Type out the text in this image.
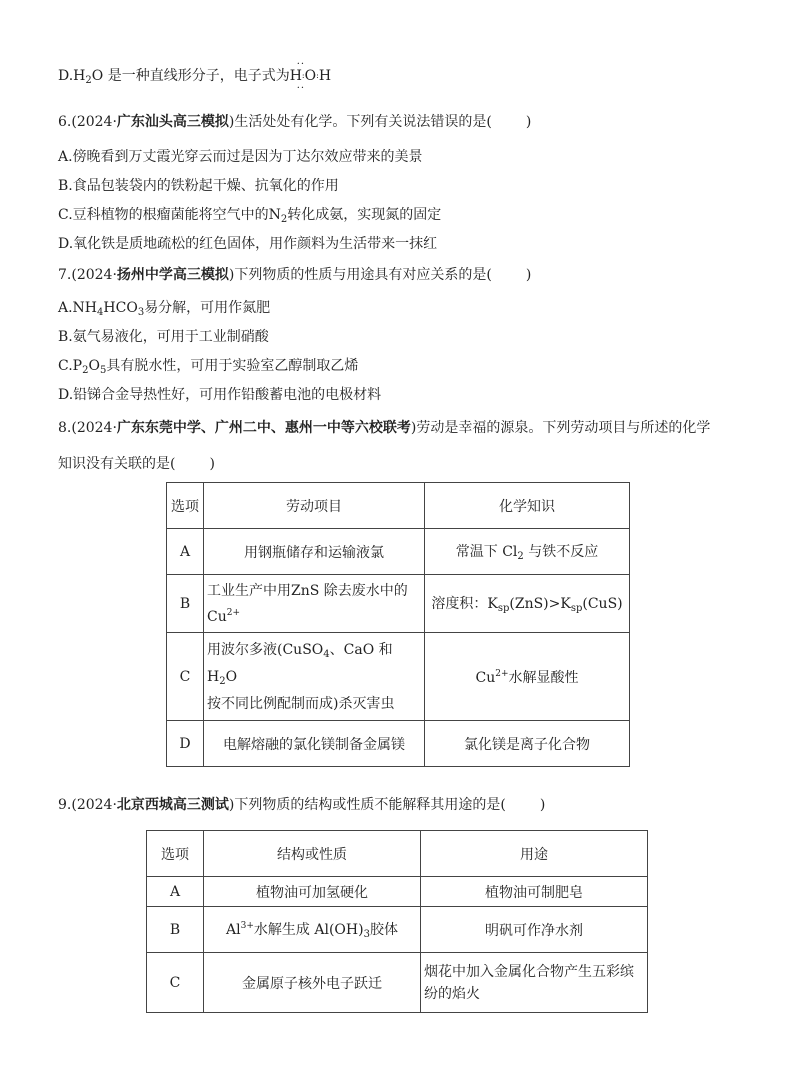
$D.H_2O$ 是一种直线形分子，电子式为H:O:H
··
··
6.(2024·广东汕头高三模拟)生活处处有化学。下列有关说法错误的是( )
A.傍晚看到万丈霞光穿云而过是因为丁达尔效应带来的美景
B.食品包装袋内的铁粉起干燥、抗氧化的作用
C.豆科植物的根瘤菌能将空气中的$N_2$转化成氨，实现氮的固定
D.氧化铁是质地疏松的红色固体，用作颜料为生活带来一抹红
7.(2024·扬州中学高三模拟)下列物质的性质与用途具有对应关系的是( )
$A.NH_4HCO_3$易分解，可用作氮肥
B.氨气易液化，可用于工业制硝酸
$C.P_2O_5$具有脱水性，可用于实验室乙醇制取乙烯
D.铅锑合金导热性好，可用作铅酸蓄电池的电极材料
8.(2024·广东东莞中学、广州二中、惠州一中等六校联考)劳动是幸福的源泉。下列劳动项目与所述的化学
知识没有关联的是( )
选项	劳动项目	化学知识
A	用钢瓶储存和运输液氯	常温下 $Cl_2$ 与铁不反应
B	工业生产中用ZnS 除去废水中的
$Cu^{2+}$	溶度积：$K_{sp}(ZnS)>K_{sp}(CuS)$
C	用波尔多液(CuSO$_4$、CaO 和 $H_2O$
按不同比例配制而成)杀灭害虫	$Cu^{2+}$水解显酸性
D	电解熔融的氯化镁制备金属镁	氯化镁是离子化合物
9.(2024·北京西城高三测试)下列物质的结构或性质不能解释其用途的是( )
选项	结构或性质	用途
A	植物油可加氢硬化	植物油可制肥皂
B	$Al^{3+}$水解生成 $Al(OH)_3$胶体	明矾可作净水剂
C	金属原子核外电子跃迁	烟花中加入金属化合物产生五彩缤
纷的焰火
